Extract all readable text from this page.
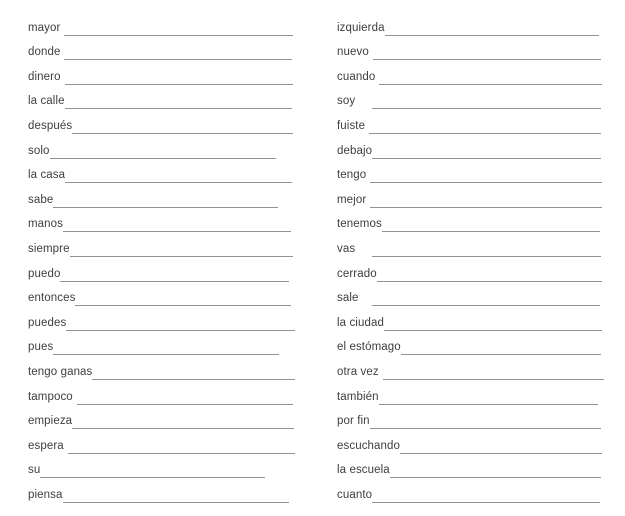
mayor
donde
dinero
la calle
después
solo
la casa
sabe
manos
siempre
puedo
entonces
puedes
pues
tengo ganas
tampoco
empieza
espera
su
piensa
izquierda
nuevo
cuando
soy
fuiste
debajo
tengo
mejor
tenemos
vas
cerrado
sale
la ciudad
el estómago
otra vez
también
por fin
escuchando
la escuela
cuanto
